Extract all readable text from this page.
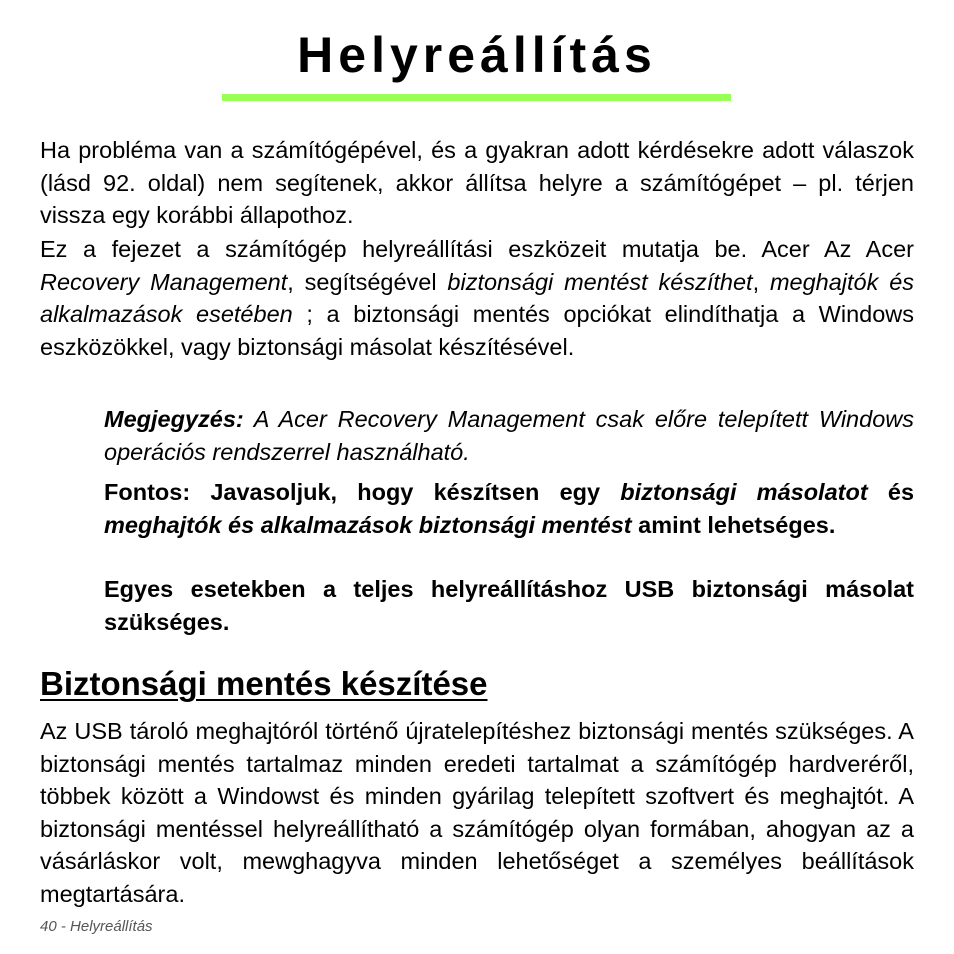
Helyreállítás

Ha probléma van a számítógépével, és a gyakran adott kérdésekre adott válaszok (lásd 92. oldal) nem segítenek, akkor állítsa helyre a számítógépet – pl. térjen vissza egy korábbi állapothoz.

Ez a fejezet a számítógép helyreállítási eszközeit mutatja be. Acer Az Acer Recovery Management, segítségével biztonsági mentést készíthet, meghajtók és alkalmazások esetében ; a biztonsági mentés opciókat elindíthatja a Windows eszközökkel, vagy biztonsági másolat készítésével.

Megjegyzés: A Acer Recovery Management csak előre telepített Windows operációs rendszerrel használható.

Fontos: Javasoljuk, hogy készítsen egy biztonsági másolatot és meghajtók és alkalmazások biztonsági mentést amint lehetséges.

Egyes esetekben a teljes helyreállításhoz USB biztonsági másolat szükséges.

Biztonsági mentés készítése

Az USB tároló meghajtóról történő újratelepítéshez biztonsági mentés szükséges. A biztonsági mentés tartalmaz minden eredeti tartalmat a számítógép hardveréről, többek között a Windowst és minden gyárilag telepített szoftvert és meghajtót. A biztonsági mentéssel helyreállítható a számítógép olyan formában, ahogyan az a vásárláskor volt, mewghagyva minden lehetőséget a személyes beállítások megtartására.

40 - Helyreállítás
